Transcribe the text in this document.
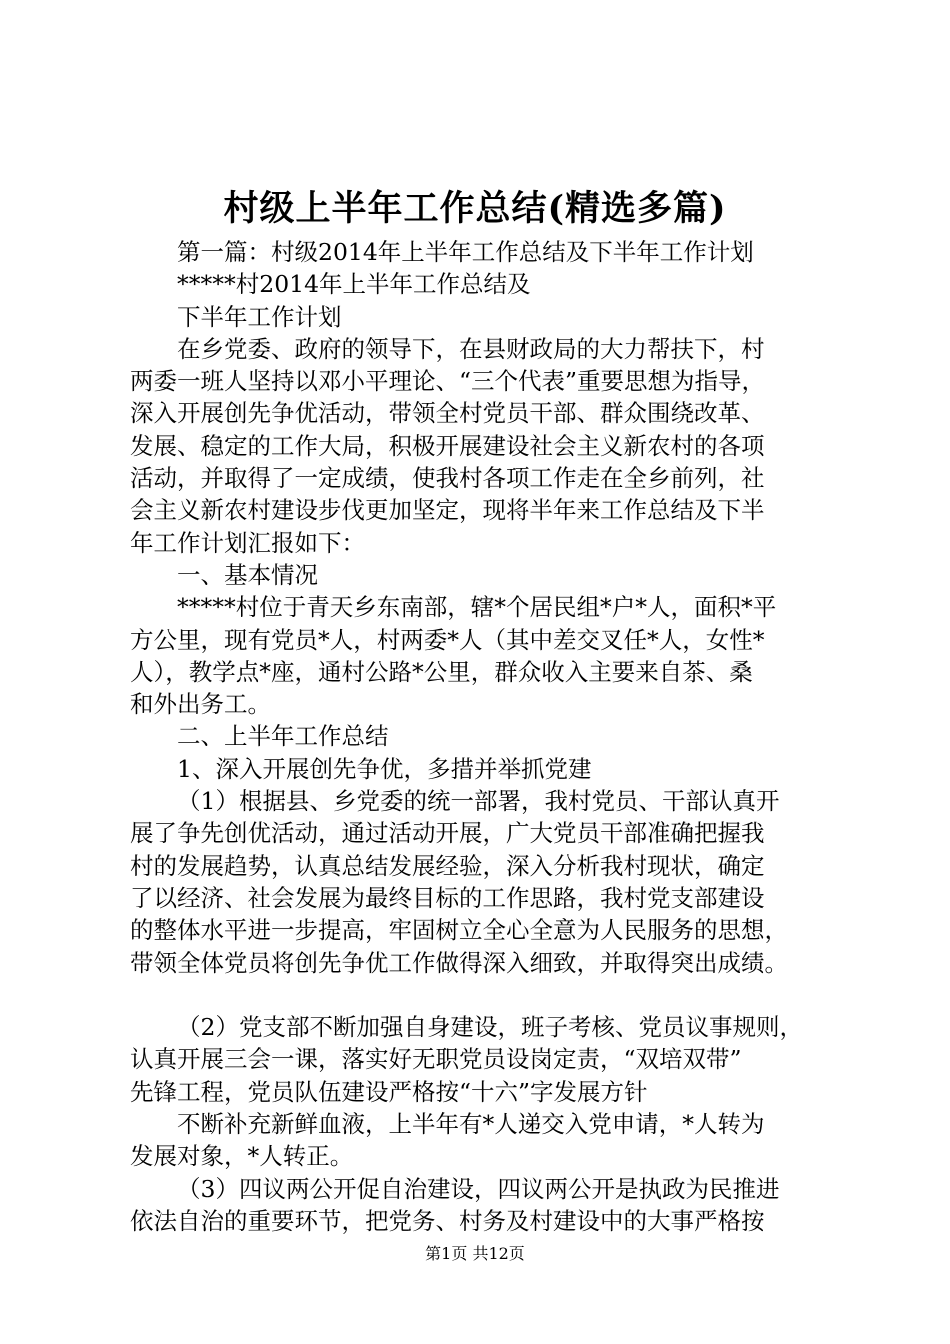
村级上半年工作总结(精选多篇)
第一篇：村级2014年上半年工作总结及下半年工作计划
*****村2014年上半年工作总结及
下半年工作计划
在乡党委、政府的领导下，在县财政局的大力帮扶下，村
两委一班人坚持以邓小平理论、“三个代表”重要思想为指导，
深入开展创先争优活动，带领全村党员干部、群众围绕改革、
发展、稳定的工作大局，积极开展建设社会主义新农村的各项
活动，并取得了一定成绩，使我村各项工作走在全乡前列，社
会主义新农村建设步伐更加坚定，现将半年来工作总结及下半
年工作计划汇报如下：
一、基本情况
*****村位于青天乡东南部，辖*个居民组*户*人，面积*平
方公里，现有党员*人，村两委*人（其中差交叉任*人，女性*
人），教学点*座，通村公路*公里，群众收入主要来自茶、桑
和外出务工。
二、上半年工作总结
1、深入开展创先争优，多措并举抓党建
（1）根据县、乡党委的统一部署，我村党员、干部认真开
展了争先创优活动，通过活动开展，广大党员干部准确把握我
村的发展趋势，认真总结发展经验，深入分析我村现状，确定
了以经济、社会发展为最终目标的工作思路，我村党支部建设
的整体水平进一步提高，牢固树立全心全意为人民服务的思想，
带领全体党员将创先争优工作做得深入细致，并取得突出成绩。
（2）党支部不断加强自身建设，班子考核、党员议事规则，
认真开展三会一课，落实好无职党员设岗定责，“双培双带”
先锋工程，党员队伍建设严格按“十六”字发展方针
不断补充新鲜血液，上半年有*人递交入党申请，*人转为
发展对象，*人转正。
（3）四议两公开促自治建设，四议两公开是执政为民推进
依法自治的重要环节，把党务、村务及村建设中的大事严格按
第1页 共12页
